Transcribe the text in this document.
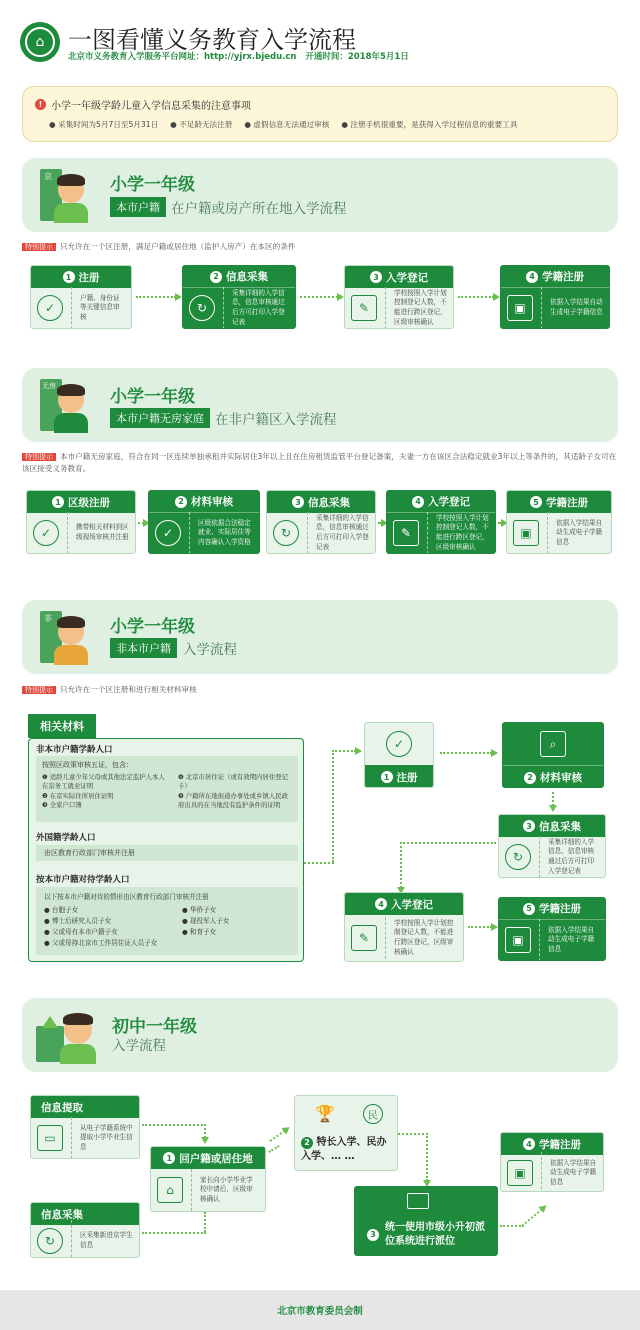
⌂ 一图看懂义务教育入学流程
北京市义务教育入学服务平台网址：http://yjrx.bjedu.cn   开通时间：2018年5月1日
! 小学一年级学龄儿童入学信息采集的注意事项
● 采集时间为5月7日至5月31日 ● 不足龄无法注册 ● 虚假信息无法通过审核 ● 注册手机很重要，是获得入学过程信息的重要工具
京	小学一年级
本市户籍 在户籍或房产所在地入学流程
特别提示 只允许在一个区注册，满足户籍或居住地（监护人房产）在本区的条件
1 注册
✓
户籍、身份证等关键信息审核
2 信息采集
↻
采集详细的入学信息，信息审核通过后方可打印入学登记表
3 入学登记
✎
学校按照入学计划控制登记人数，不能进行跨区登记，区级审核确认
4 学籍注册
▣	依据入学结果自动生成电子学籍信息
无房
小学一年级
本市户籍无房家庭 在非户籍区入学流程
特别提示 本市户籍无房家庭，符合在同一区连续单独承租并实际居住3年以上且在住房租赁监管平台登记备案，夫妻一方在该区合法稳定就业3年以上等条件的，其适龄子女可在该区接受义务教育。
1 区级注册
✓	携带相关材料到区级现场审核并注册
2 材料审核
✓
区级依据合法稳定就业、实际居住等内容确认入学资格
3 信息采集
↻
采集详细的入学信息，信息审核通过后方可打印入学登记表
4 入学登记
✎
学校按照入学计划控制登记人数，不能进行跨区登记，区级审核确认
5 学籍注册
▣
依据入学结果自动生成电子学籍信息
非	小学一年级
非本市户籍 入学流程
特别提示 只允许在一个区注册和进行相关材料审核
相关材料
非本市户籍学龄人口
按照区政策审核五证，包含：
❶ 适龄儿童少年父母或其他法定监护人本人在京务工就业证明
❷ 在京实际住所居住证明
❸ 全家户口簿
❹ 北京市居住证（或有效期内居住登记卡）
❺ 户籍所在地街道办事处或乡镇人民政府出具的在当地没有监护条件的证明
外国籍学龄人口
由区教育行政部门审核并注册
按本市户籍对待学龄人口
以下按本市户籍对待的情形由区教育行政部门审核并注册
● 台胞子女
● 博士后研究人员子女
● 父或母有本市户籍子女
● 父或母持北京市工作居住证人员子女
● 华侨子女
● 现役军人子女
● 和育子女
✓
1 注册
⌕
2 材料审核
3 信息采集
↻
采集详细的入学信息，信息审核通过后方可打印入学登记表
4 入学登记
✎
学校按照入学计划控制登记人数，不能进行跨区登记，区级审核确认
5 学籍注册
▣
依据入学结果自动生成电子学籍信息
初中一年级
入学流程
信息提取
▭
从电子学籍系统中提取小学毕业生信息
信息采集
↻	区采集新进京学生信息
1 回户籍或居住地
⌂
家长向小学毕业学校申请后，区级审核确认
🏆	民
2 特长入学、民办入学、… …
3
统一使用市级小升初派位系统进行派位
4 学籍注册
▣
依据入学结果自动生成电子学籍信息
北京市教育委员会制
